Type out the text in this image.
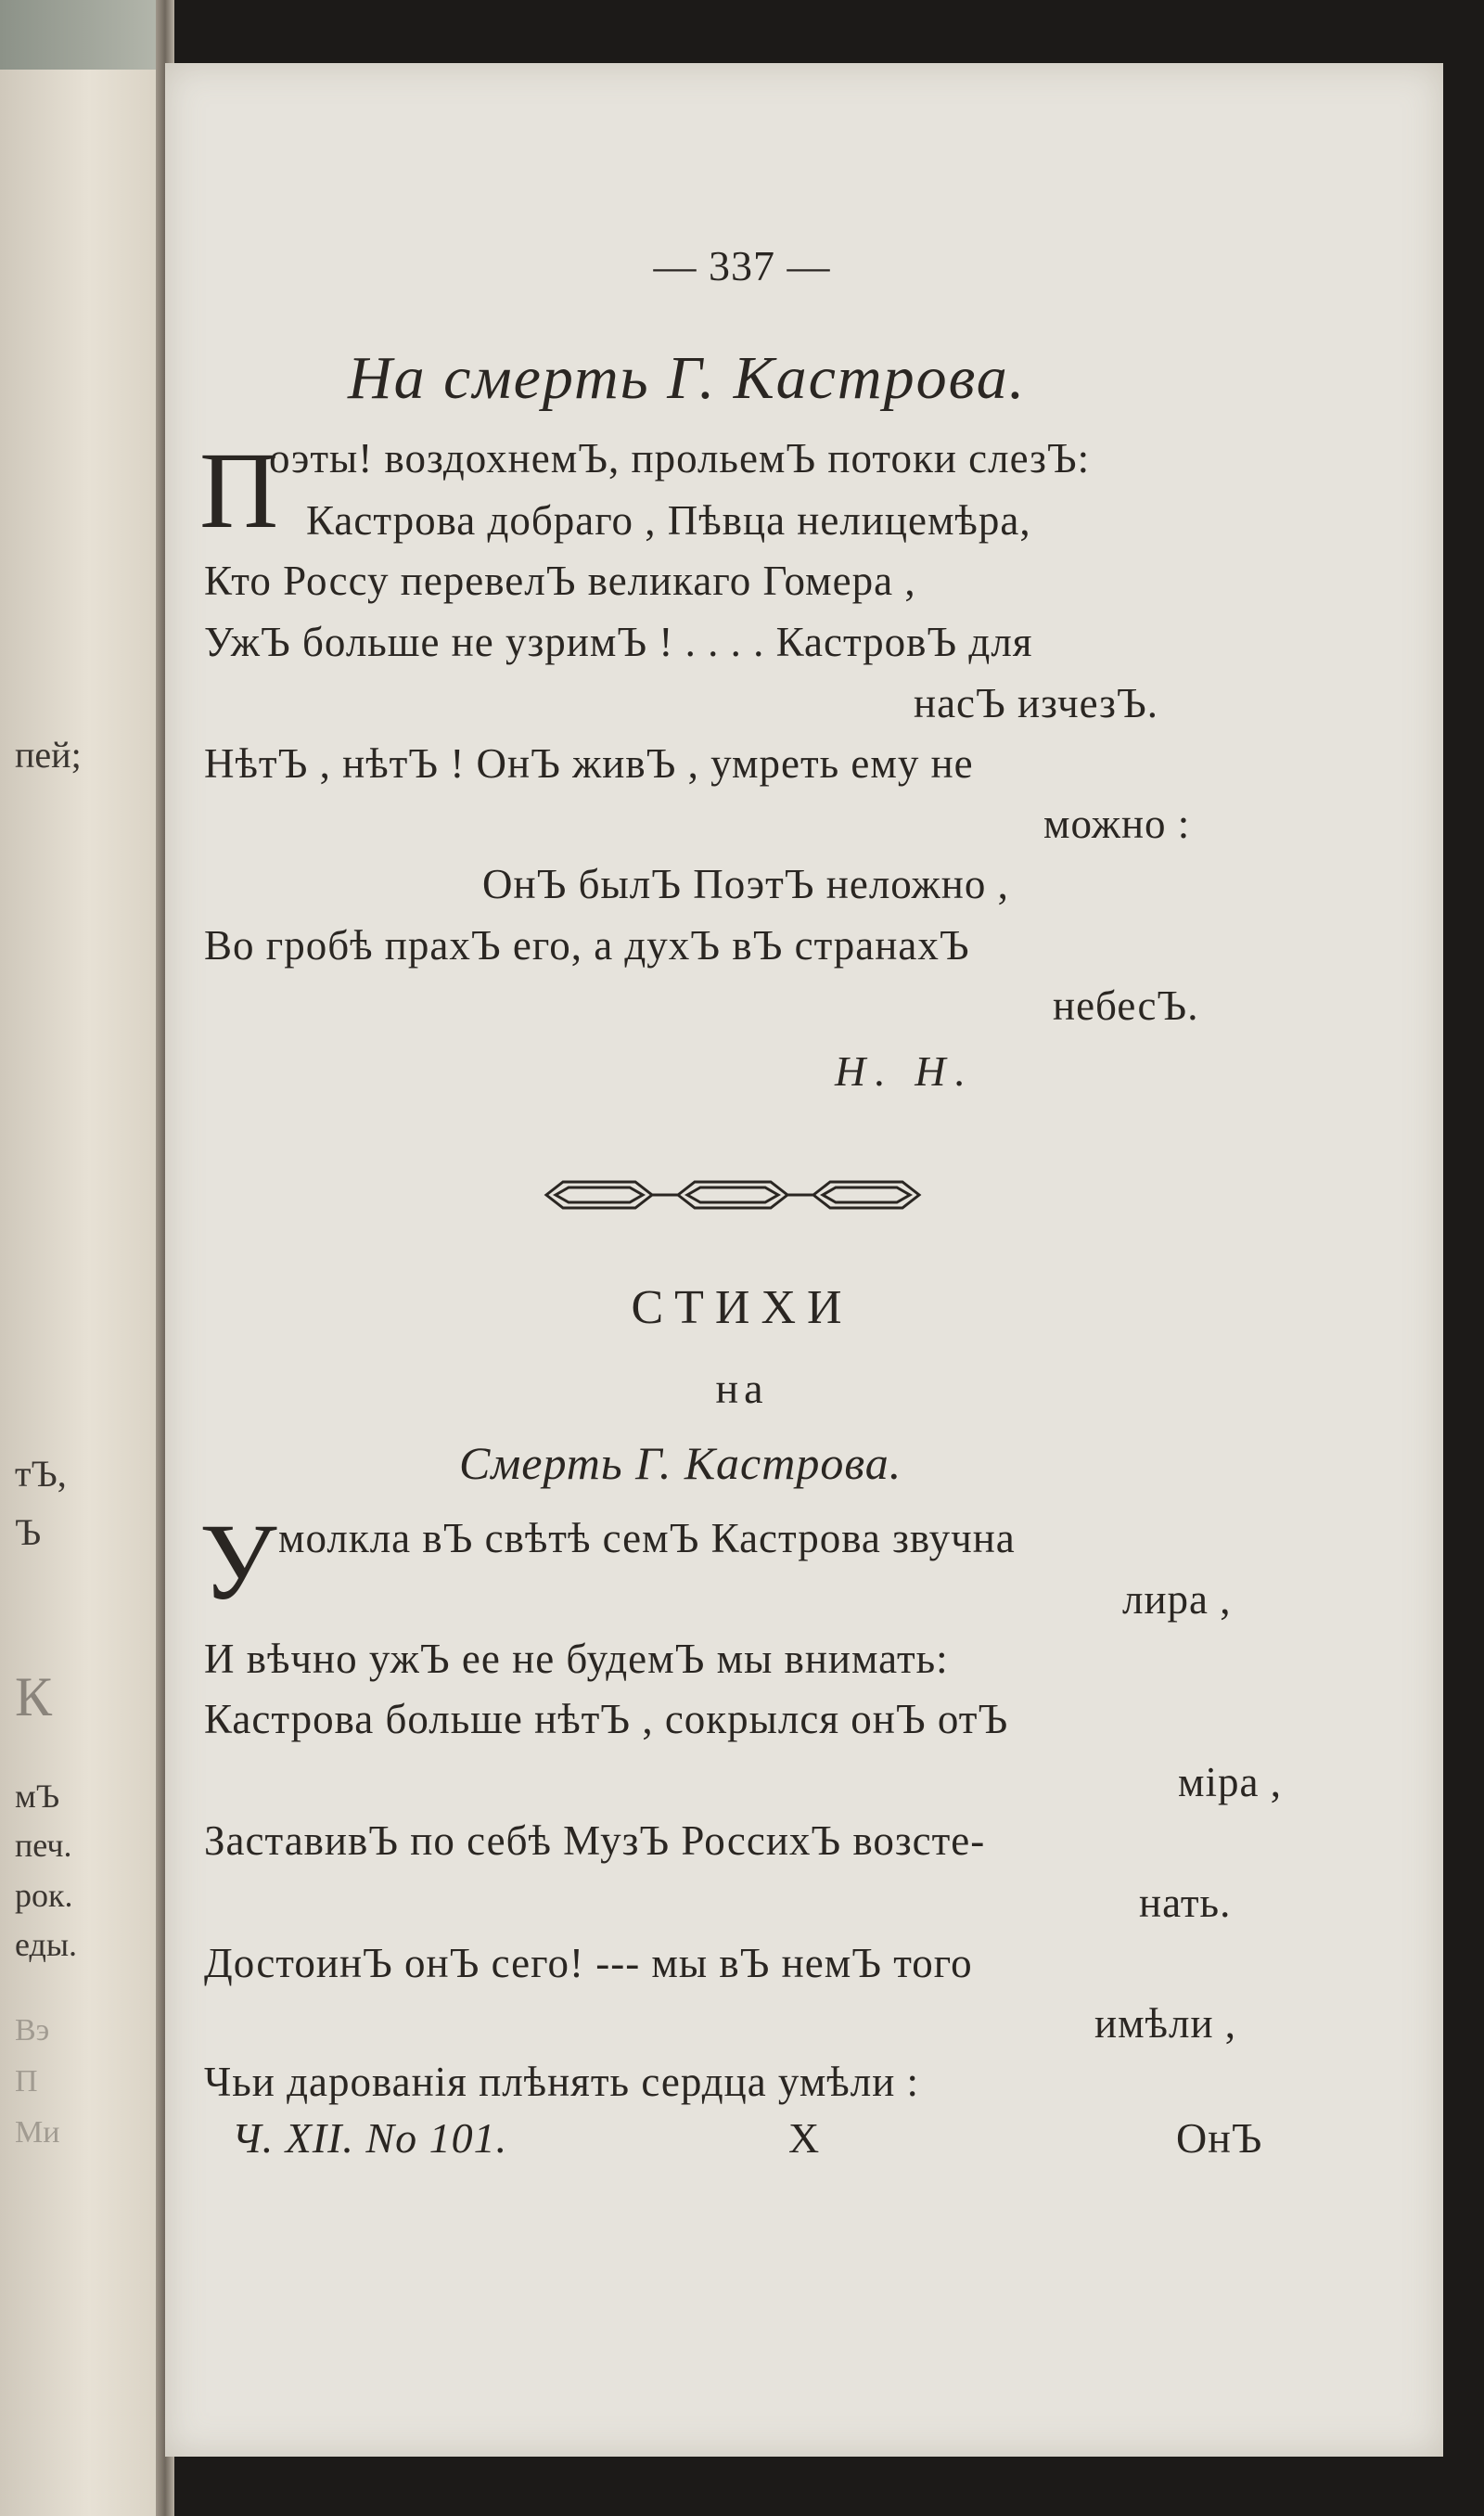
пей;
тЪ,
Ъ
К
мЪ
печ.
рок.
еды.
Вэ
П
Ми
— 337 —
На смерть Г. Кастрова.
П
оэты! воздохнемЪ, прольемЪ потоки слезЪ:
Кастрова добраго , Пѣвца нелицемѣра,
Кто Россу перевелЪ великаго Гомера ,
УжЪ больше не узримЪ ! . . . . КастровЪ для
насЪ изчезЪ.
НѣтЪ , нѣтЪ ! ОнЪ живЪ , умреть ему не
можно :
ОнЪ былЪ ПоэтЪ неложно ,
Во гробѣ прахЪ его, а духЪ вЪ странахЪ
небесЪ.
Н. Н.
СТИХИ
на
Смерть Г. Кастрова.
У молкла вЪ свѣтѣ семЪ Кастрова звучна
лира ,
И вѣчно ужЪ ее не будемЪ мы внимать:
Кастрова больше нѣтЪ , сокрылся онЪ отЪ
міра ,
ЗаставивЪ по себѣ МузЪ РоссихЪ возсте-
нать.
ДостоинЪ онЪ сего! --- мы вЪ немЪ того
имѣли ,
Чьи дарованія плѣнять сердца умѣли :
Ч. XII. No 101.	X	ОнЪ
